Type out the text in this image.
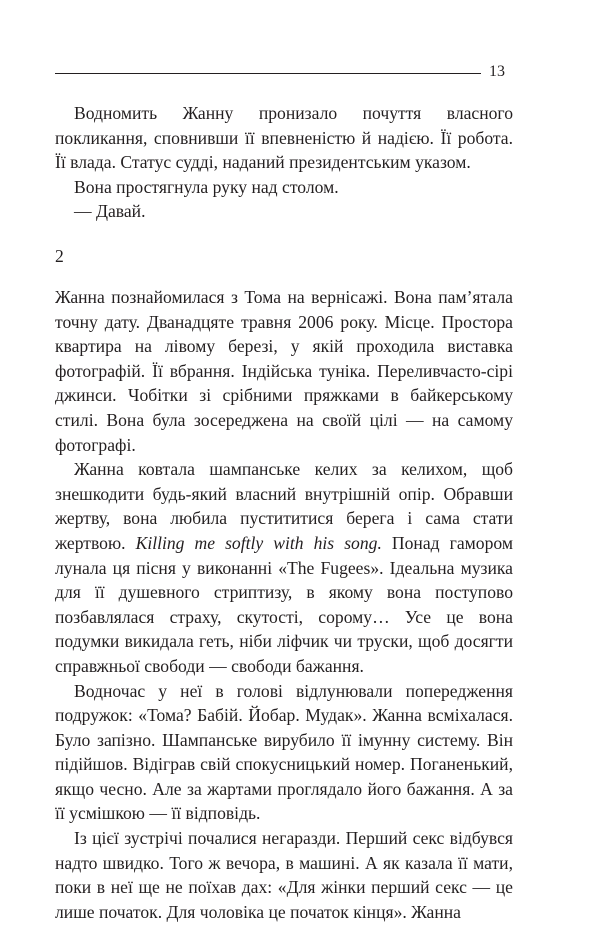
13

Водномить Жанну пронизало почуття власного покликання, сповнивши її впевненістю й надією. Її робота. Її влада. Статус судді, наданий президентським указом.

Вона простягнула руку над столом.

— Давай.

2

Жанна познайомилася з Тома на вернісажі. Вона пам’ятала точну дату. Дванадцяте травня 2006 року. Місце. Простора квартира на лівому березі, у якій проходила виставка фотографій. Її вбрання. Індійська туніка. Переливчасто-сірі джинси. Чобітки зі срібними пряжками в байкерському стилі. Вона була зосереджена на своїй цілі — на самому фотографі.

Жанна ковтала шампанське келих за келихом, щоб знешкодити будь-який власний внутрішній опір. Обравши жертву, вона любила пустититися берега і сама стати жертвою. Killing me softly with his song. Понад гамором лунала ця пісня у виконанні «The Fugees». Ідеальна музика для її душевного стриптизу, в якому вона поступово позбавлялася страху, скутості, сорому… Усе це вона подумки викидала геть, ніби ліфчик чи труски, щоб досягти справжньої свободи — свободи бажання.

Водночас у неї в голові відлунювали попередження подружок: «Тома? Бабій. Йобар. Мудак». Жанна всміхалася. Було запізно. Шампанське вирубило її імунну систему. Він підійшов. Відіграв свій спокусницький номер. Поганенький, якщо чесно. Але за жартами проглядало його бажання. А за її усмішкою — її відповідь.

Із цієї зустрічі почалися негаразди. Перший секс відбувся надто швидко. Того ж вечора, в машині. А як казала її мати, поки в неї ще не поїхав дах: «Для жінки перший секс — це лише початок. Для чоловіка це початок кінця». Жанна
